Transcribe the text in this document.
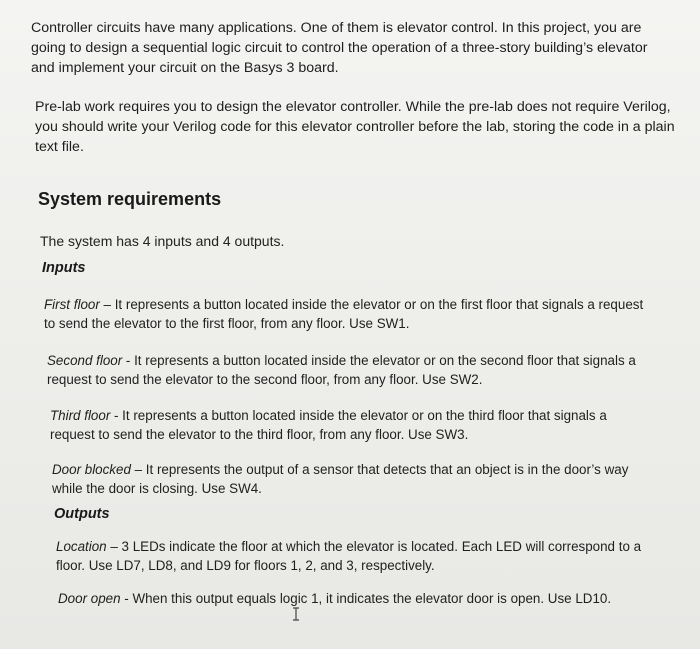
Controller circuits have many applications. One of them is elevator control. In this project, you are going to design a sequential logic circuit to control the operation of a three-story building’s elevator and implement your circuit on the Basys 3 board.

Pre-lab work requires you to design the elevator controller. While the pre-lab does not require Verilog, you should write your Verilog code for this elevator controller before the lab, storing the code in a plain text file.

System requirements

The system has 4 inputs and 4 outputs.

Inputs

First floor – It represents a button located inside the elevator or on the first floor that signals a request to send the elevator to the first floor, from any floor. Use SW1.

Second floor - It represents a button located inside the elevator or on the second floor that signals a request to send the elevator to the second floor, from any floor. Use SW2.

Third floor - It represents a button located inside the elevator or on the third floor that signals a request to send the elevator to the third floor, from any floor. Use SW3.

Door blocked – It represents the output of a sensor that detects that an object is in the door’s way while the door is closing. Use SW4.

Outputs

Location – 3 LEDs indicate the floor at which the elevator is located. Each LED will correspond to a floor. Use LD7, LD8, and LD9 for floors 1, 2, and 3, respectively.

Door open - When this output equals logic 1, it indicates the elevator door is open. Use LD10.
